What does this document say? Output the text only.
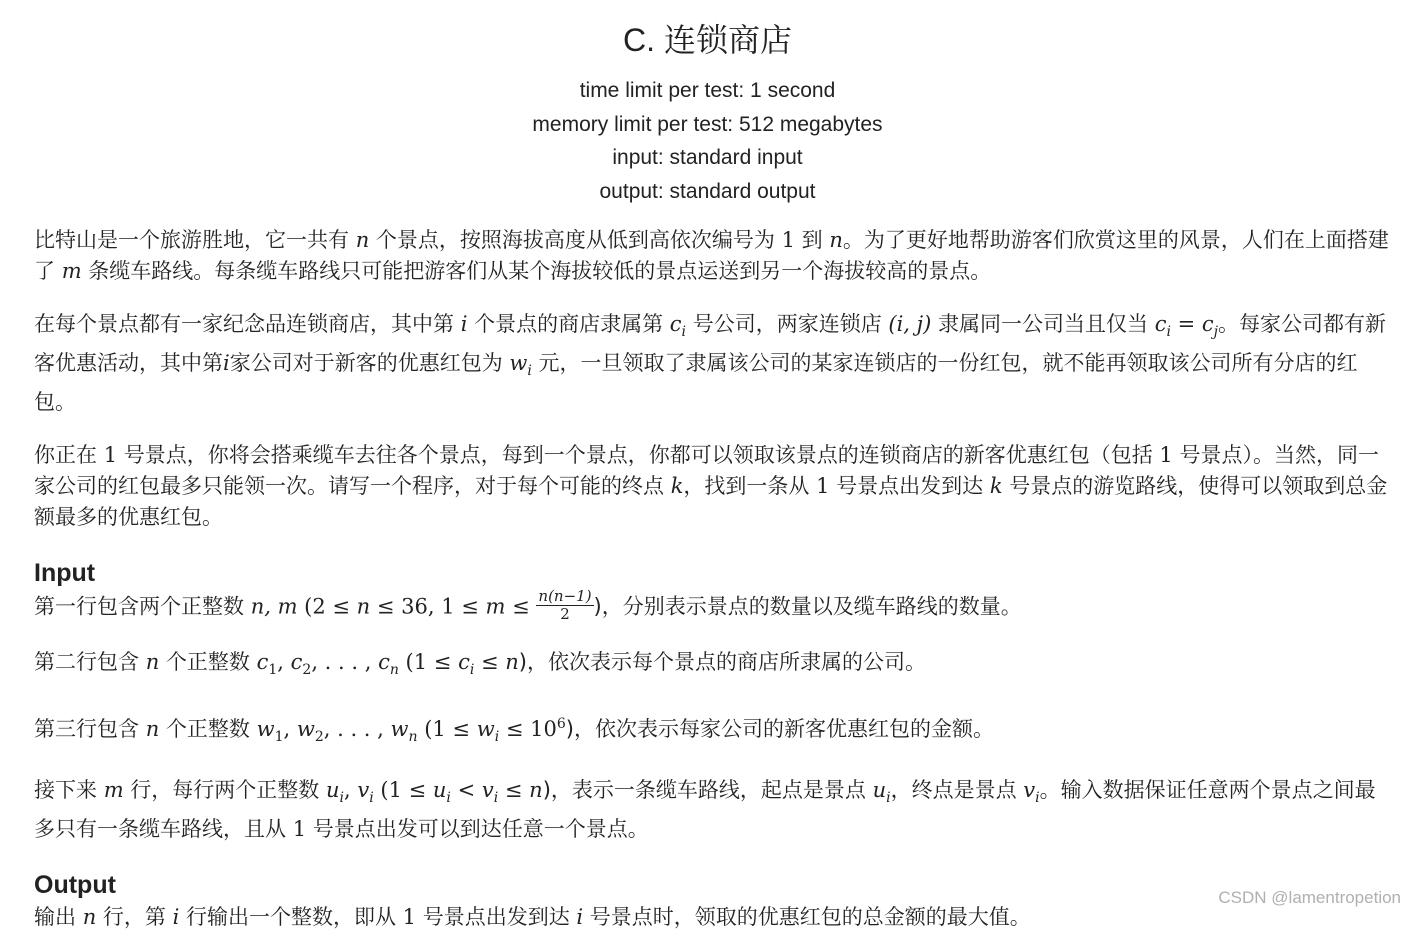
C. 连锁商店
time limit per test: 1 second
memory limit per test: 512 megabytes
input: standard input
output: standard output

比特山是一个旅游胜地，它一共有 n 个景点，按照海拔高度从低到高依次编号为 1 到 n。为了更好地帮助游客们欣赏这里的风景，人们在上面搭建了 m 条缆车路线。每条缆车路线只可能把游客们从某个海拔较低的景点运送到另一个海拔较高的景点。

在每个景点都有一家纪念品连锁商店，其中第 i 个景点的商店隶属第 $c_i$ 号公司，两家连锁店 (i, j) 隶属同一公司当且仅当 $c_i = c_j$。每家公司都有新客优惠活动，其中第i家公司对于新客的优惠红包为 $w_i$ 元，一旦领取了隶属该公司的某家连锁店的一份红包，就不能再领取该公司所有分店的红包。

你正在 1 号景点，你将会搭乘缆车去往各个景点，每到一个景点，你都可以领取该景点的连锁商店的新客优惠红包（包括 1 号景点）。当然，同一家公司的红包最多只能领一次。请写一个程序，对于每个可能的终点 k，找到一条从 1 号景点出发到达 k 号景点的游览路线，使得可以领取到总金额最多的优惠红包。

Input

第一行包含两个正整数 n, m (2 ≤ n ≤ 36, $1 \le m \le \frac{n(n-1)}{2}$ )，分别表示景点的数量以及缆车路线的数量。

第二行包含 n 个正整数 $c_1$, $c_2$, . . . , $c_n$ $(1 \le c_i \le n)$，依次表示每个景点的商店所隶属的公司。

第三行包含 n 个正整数 $w_1$, $w_2$, . . . , $w_n$ $(1 \le w_i \le 10^6)$，依次表示每家公司的新客优惠红包的金额。

接下来 m 行，每行两个正整数 $u_i$, $v_i$ $(1 \le u_i < v_i \le n)$，表示一条缆车路线，起点是景点 $u_i$，终点是景点 $v_i$。输入数据保证任意两个景点之间最多只有一条缆车路线，且从 1 号景点出发可以到达任意一个景点。

Output

输出 n 行，第 i 行输出一个整数，即从 1 号景点出发到达 i 号景点时，领取的优惠红包的总金额的最大值。

CSDN @lamentropetion
